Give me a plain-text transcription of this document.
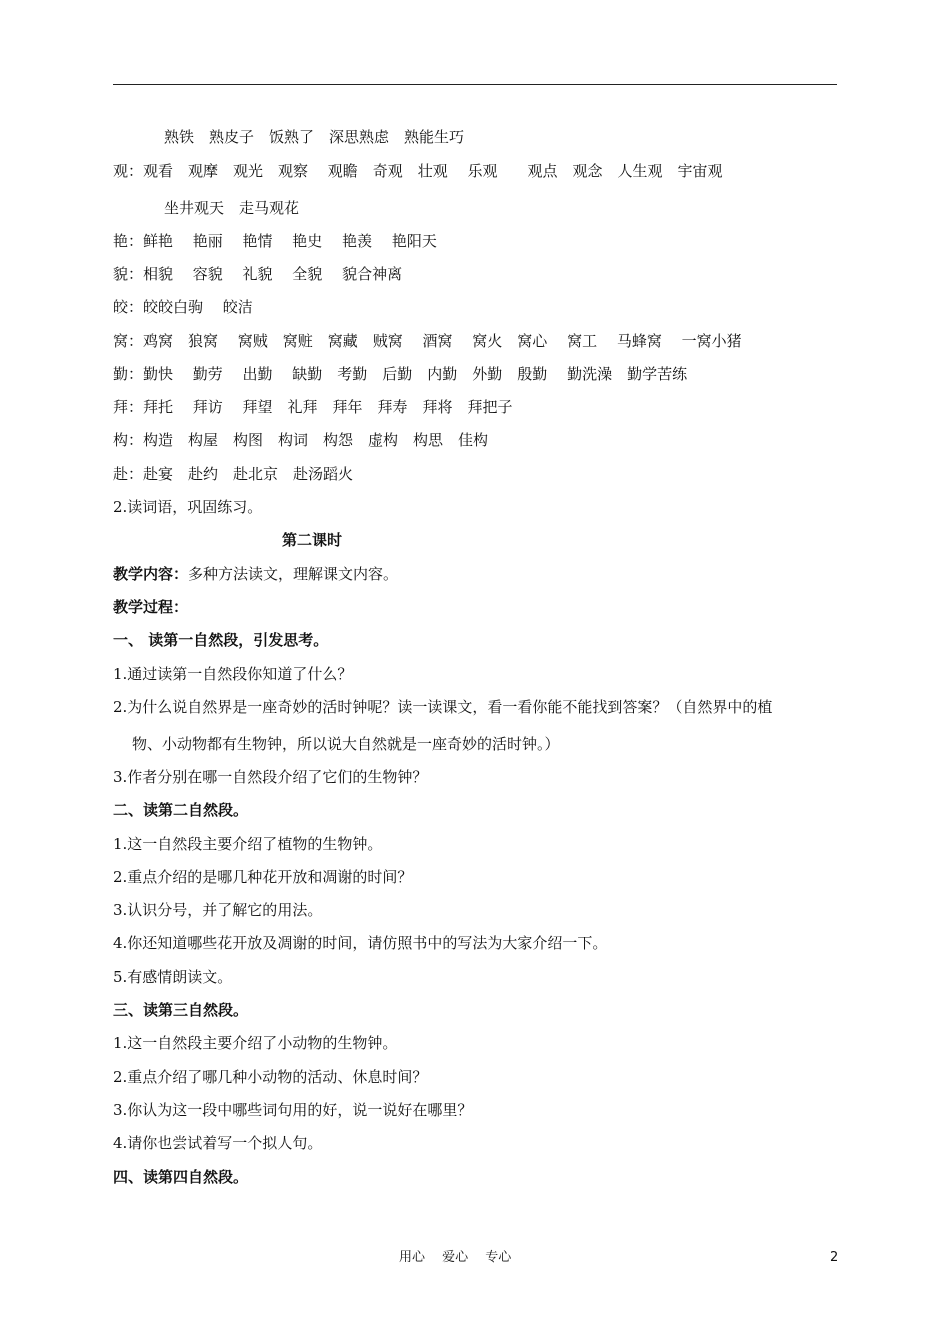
熟铁　熟皮子　饭熟了　深思熟虑　熟能生巧
观：观看　观摩　观光　观察　 观瞻　奇观　壮观　 乐观　　观点　观念　人生观　宇宙观
坐井观天　走马观花
艳：鲜艳　 艳丽　 艳情　 艳史　 艳羡　 艳阳天
貌：相貌　 容貌　 礼貌　 全貌　 貌合神离
皎：皎皎白驹　 皎洁
窝：鸡窝　狼窝　 窝贼　窝赃　窝藏　贼窝　 酒窝　 窝火　窝心　 窝工　 马蜂窝　 一窝小猪
勤：勤快　 勤劳　 出勤　 缺勤　考勤　后勤　内勤　外勤　殷勤　 勤洗澡　勤学苦练
拜：拜托　 拜访　 拜望　礼拜　拜年　拜寿　拜将　拜把子
构：构造　构屋　构图　构词　构怨　虚构　构思　佳构
赴：赴宴　赴约　赴北京　赴汤蹈火
2.读词语，巩固练习。
第二课时
教学内容：多种方法读文，理解课文内容。
教学过程：
一、 读第一自然段，引发思考。
1.通过读第一自然段你知道了什么？
2.为什么说自然界是一座奇妙的活时钟呢？读一读课文，看一看你能不能找到答案？（自然界中的植
物、小动物都有生物钟，所以说大自然就是一座奇妙的活时钟。）
3.作者分别在哪一自然段介绍了它们的生物钟？
二、读第二自然段。
1.这一自然段主要介绍了植物的生物钟。
2.重点介绍的是哪几种花开放和凋谢的时间？
3.认识分号，并了解它的用法。
4.你还知道哪些花开放及凋谢的时间，请仿照书中的写法为大家介绍一下。
5.有感情朗读文。
三、读第三自然段。
1.这一自然段主要介绍了小动物的生物钟。
2.重点介绍了哪几种小动物的活动、休息时间？
3.你认为这一段中哪些词句用的好，说一说好在哪里？
4.请你也尝试着写一个拟人句。
四、读第四自然段。
用心　 爱心　 专心	2
